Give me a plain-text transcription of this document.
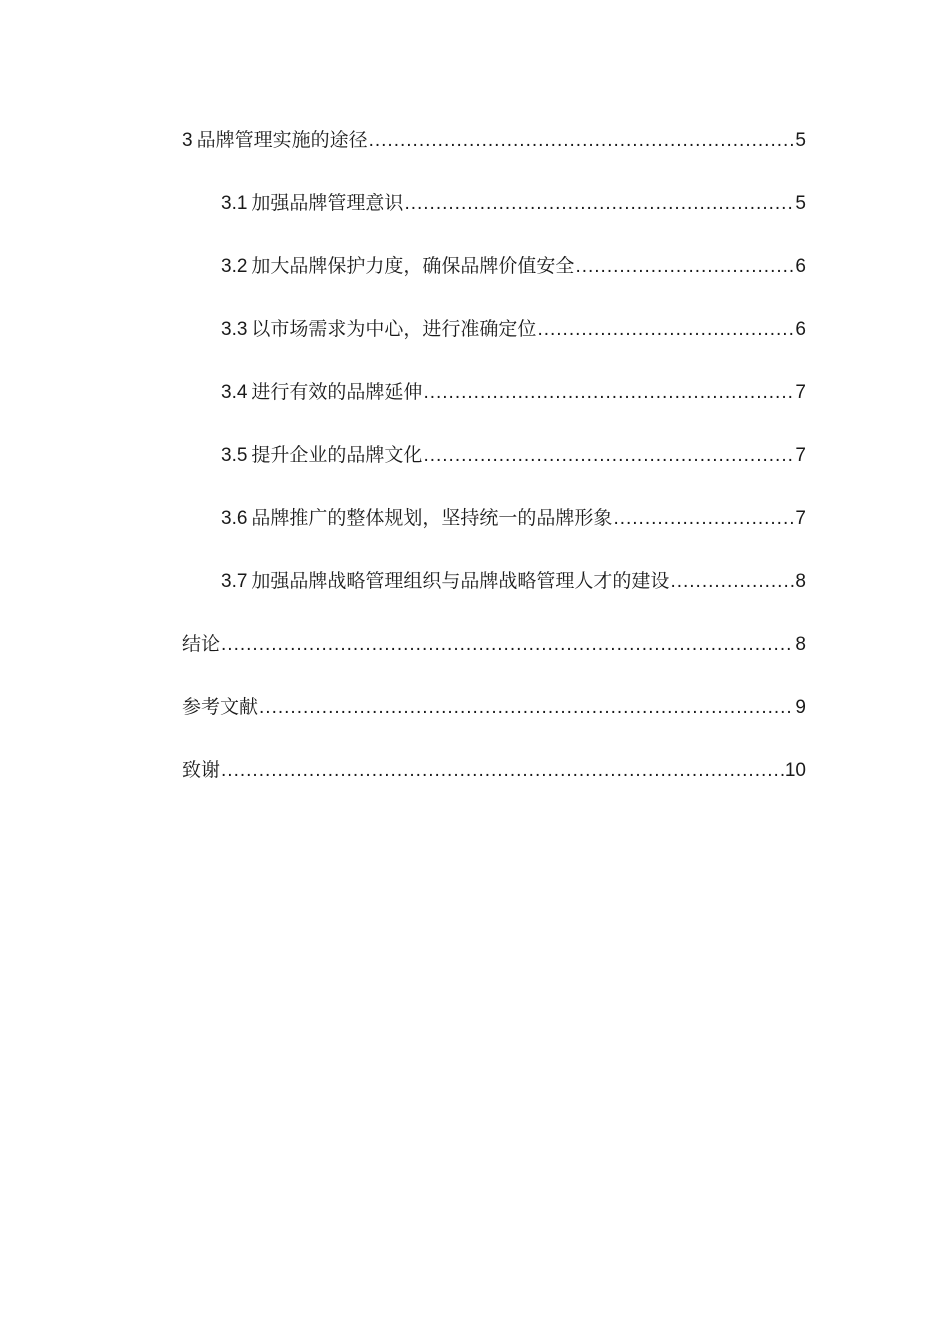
3 品牌管理实施的途径 .....	5
3.1 加强品牌管理意识 .....	5
3.2 加大品牌保护力度，确保品牌价值安全 .....	6
3.3 以市场需求为中心，进行准确定位 .....	6
3.4 进行有效的品牌延伸 .....	7
3.5 提升企业的品牌文化 .....	7
3.6 品牌推广的整体规划，坚持统一的品牌形象 .....	7
3.7 加强品牌战略管理组织与品牌战略管理人才的建设 .....	8
结论 .....	8
参考文献 .....	9
致谢 .....	10
